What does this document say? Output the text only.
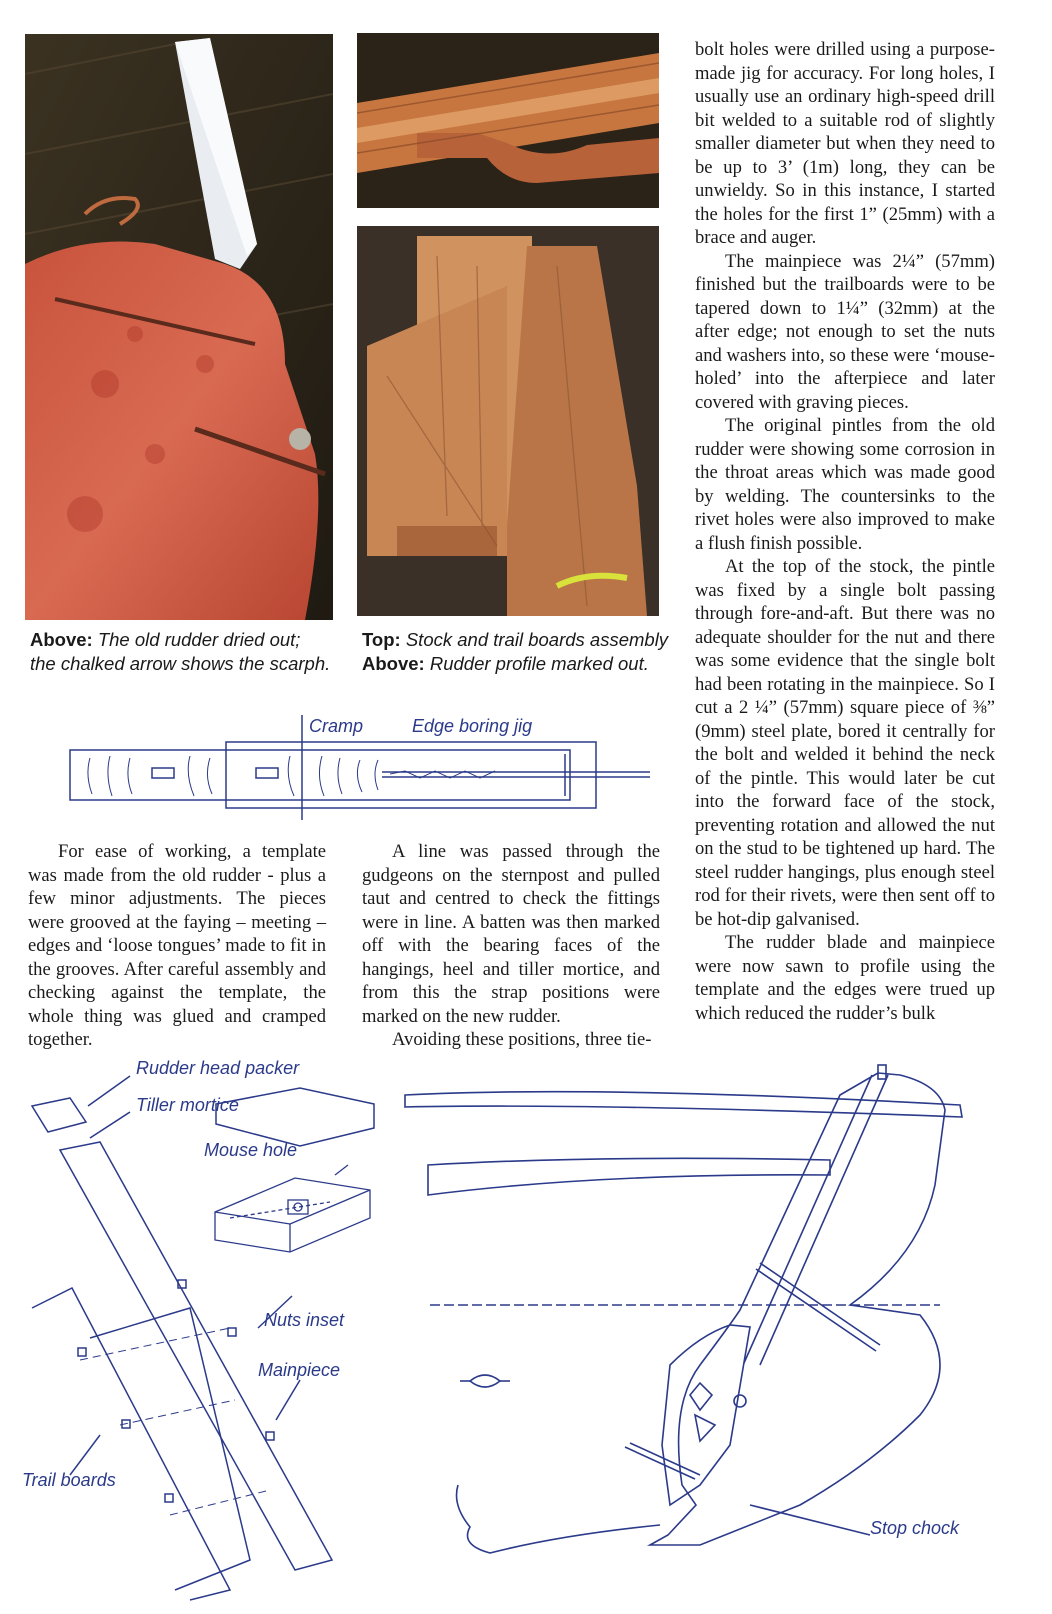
Above: The old rudder dried out;
the chalked arrow shows the scarph.
Top: Stock and trail boards assembly
Above: Rudder profile marked out.
Cramp	Edge boring jig

bolt holes were drilled using a purpose-made jig for accuracy. For long holes, I usually use an ordinary high-speed drill bit welded to a suitable rod of slightly smaller diameter but when they need to be up to 3’ (1m) long, they can be unwieldy. So in this instance, I started the holes for the first 1” (25mm) with a brace and auger.

The mainpiece was 2¼” (57mm) finished but the trailboards were to be tapered down to 1¼” (32mm) at the after edge; not enough to set the nuts and washers into, so these were ‘mouse-holed’ into the afterpiece and later covered with graving pieces.

The original pintles from the old rudder were showing some corrosion in the throat areas which was made good by welding. The countersinks to the rivet holes were also improved to make a flush finish possible.

At the top of the stock, the pintle was fixed by a single bolt passing through fore-and-aft. But there was no adequate shoulder for the nut and there was some evidence that the single bolt had been rotating in the mainpiece. So I cut a 2 ¼” (57mm) square piece of ⅜” (9mm) steel plate, bored it centrally for the bolt and welded it behind the neck of the pintle. This would later be cut into the forward face of the stock, preventing rotation and allowed the nut on the stud to be tightened up hard. The steel rudder hangings, plus enough steel rod for their rivets, were then sent off to be hot-dip galvanised.

The rudder blade and mainpiece were now sawn to profile using the template and the edges were trued up which reduced the rudder’s bulk

For ease of working, a template was made from the old rudder - plus a few minor adjustments. The pieces were grooved at the faying – meeting – edges and ‘loose tongues’ made to fit in the grooves. After careful assembly and checking against the template, the whole thing was glued and cramped together.

A line was passed through the gudgeons on the sternpost and pulled taut and centred to check the fittings were in line. A batten was then marked off with the bearing faces of the hangings, heel and tiller mortice, and from this the strap positions were marked on the new rudder.

Avoiding these positions, three tie-

Rudder head packer
Tiller mortice
Mouse hole
Nuts inset
Mainpiece
Trail boards
Stop chock
